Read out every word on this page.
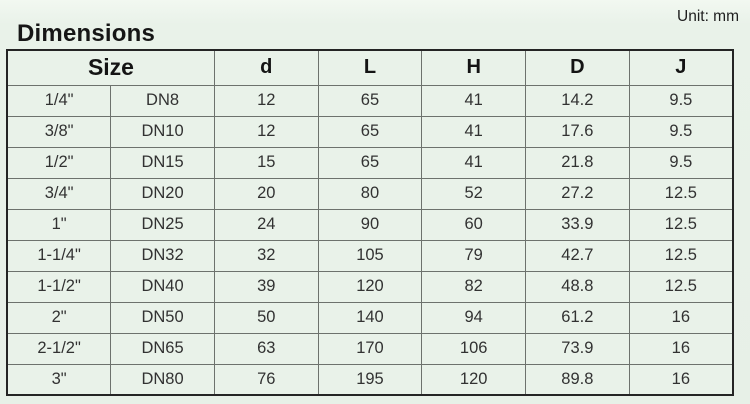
Dimensions
Unit: mm
Size		d	L	H	D	J
1/4"	DN8	12	65	41	14.2	9.5
3/8"	DN10	12	65	41	17.6	9.5
1/2"	DN15	15	65	41	21.8	9.5
3/4"	DN20	20	80	52	27.2	12.5
1"	DN25	24	90	60	33.9	12.5
1-1/4"	DN32	32	105	79	42.7	12.5
1-1/2"	DN40	39	120	82	48.8	12.5
2"	DN50	50	140	94	61.2	16
2-1/2"	DN65	63	170	106	73.9	16
3"	DN80	76	195	120	89.8	16
